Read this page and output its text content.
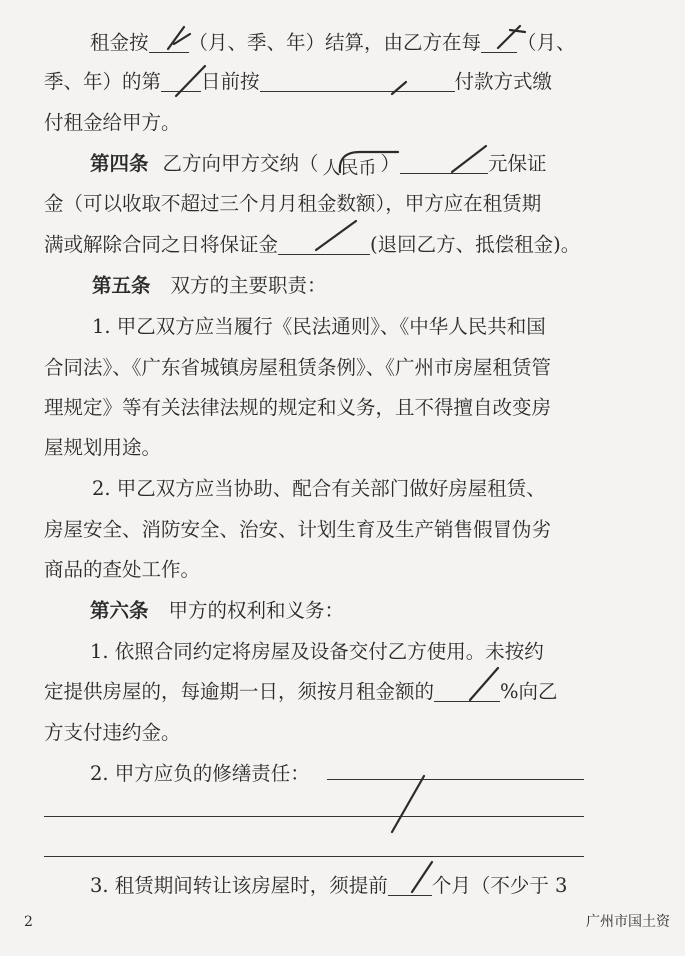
租金按 （月、季、年）结算，由乙方在每 （月、
季、年）的第 日前按	付款方式缴
付租金给甲方。
第四条 乙方向甲方交纳（ 人民币 ）	元保证
金（可以收取不超过三个月月租金数额），甲方应在租赁期
满或解除合同之日将保证金	(退回乙方、抵偿租金)。
第五条 双方的主要职责：
1. 甲乙双方应当履行《民法通则》、《中华人民共和国
合同法》、《广东省城镇房屋租赁条例》、《广州市房屋租赁管
理规定》等有关法律法规的规定和义务，且不得擅自改变房
屋规划用途。
2. 甲乙双方应当协助、配合有关部门做好房屋租赁、
房屋安全、消防安全、治安、计划生育及生产销售假冒伪劣
商品的查处工作。
第六条 甲方的权利和义务：
1. 依照合同约定将房屋及设备交付乙方使用。未按约
定提供房屋的，每逾期一日，须按月租金额的	%向乙
方支付违约金。
2. 甲方应负的修缮责任：
3. 租赁期间转让该房屋时，须提前 个月（不少于 3
2	广州市国土资
